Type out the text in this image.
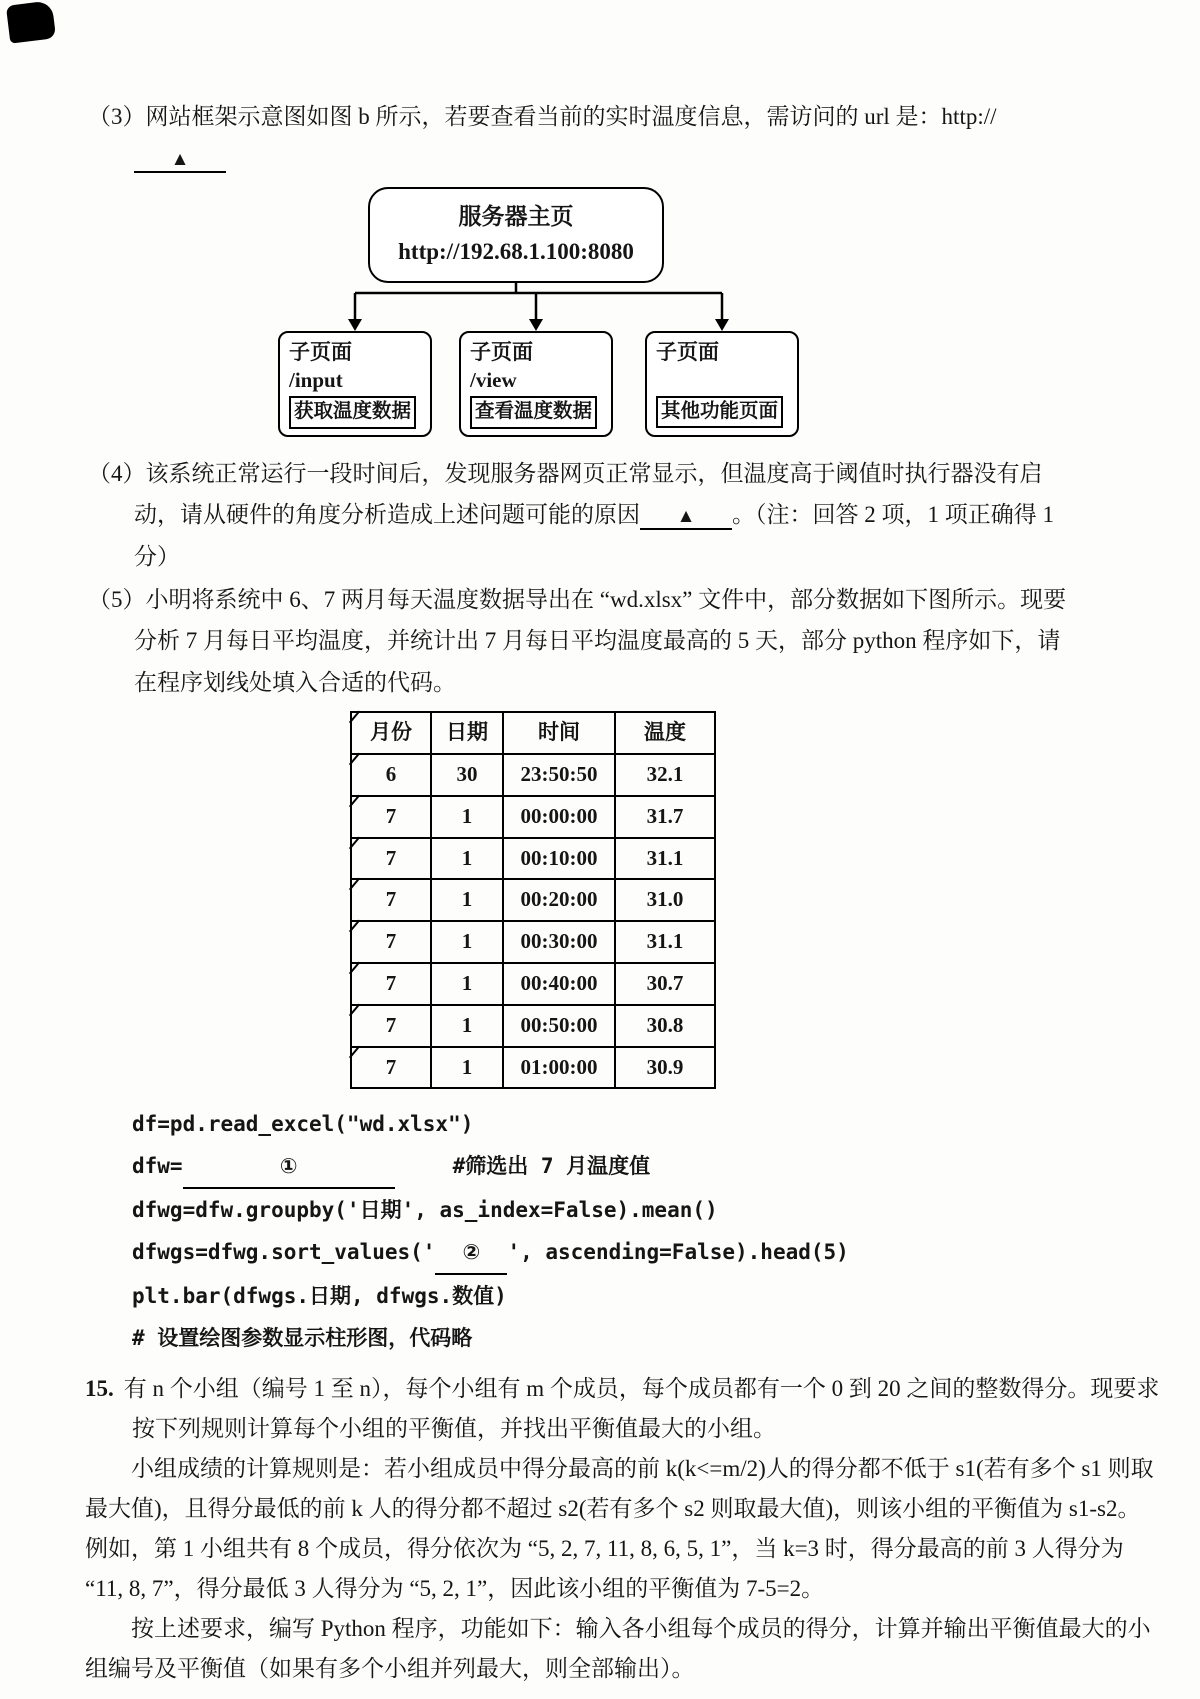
（3）网站框架示意图如图 b 所示，若要查看当前的实时温度信息，需访问的 url 是：http://
▲

服务器主页
http://192.68.1.100:8080
子页面
/input
获取温度数据
子页面
/view
查看温度数据
子页面
其他功能页面

（4）该系统正常运行一段时间后，发现服务器网页正常显示，但温度高于阈值时执行器没有启动，请从硬件的角度分析造成上述问题可能的原因 ▲ 。（注：回答 2 项，1 项正确得 1 分）

（5）小明将系统中 6、7 两月每天温度数据导出在 “wd.xlsx” 文件中，部分数据如下图所示。现要分析 7 月每日平均温度，并统计出 7 月每日平均温度最高的 5 天，部分 python 程序如下，请在程序划线处填入合适的代码。

月份	日期	时间	温度
6	30	23:50:50	32.1
7	1	00:00:00	31.7
7	1	00:10:00	31.1
7	1	00:20:00	31.0
7	1	00:30:00	31.1
7	1	00:40:00	30.7
7	1	00:50:00	30.8
7	1	01:00:00	30.9
df=pd.read_excel("wd.xlsx")
dfw=	①	#筛选出 7 月温度值
dfwg=dfw.groupby('日期', as_index=False).mean()
dfwgs=dfwg.sort_values(' ② ', ascending=False).head(5)
plt.bar(dfwgs.日期, dfwgs.数值)
# 设置绘图参数显示柱形图，代码略

15. 有 n 个小组（编号 1 至 n），每个小组有 m 个成员，每个成员都有一个 0 到 20 之间的整数得分。现要求按下列规则计算每个小组的平衡值，并找出平衡值最大的小组。

小组成绩的计算规则是：若小组成员中得分最高的前 k(k<=m/2)人的得分都不低于 s1(若有多个 s1 则取最大值)，且得分最低的前 k 人的得分都不超过 s2(若有多个 s2 则取最大值)，则该小组的平衡值为 s1-s2。例如，第 1 小组共有 8 个成员，得分依次为 “5, 2, 7, 11, 8, 6, 5, 1”，当 k=3 时，得分最高的前 3 人得分为 “11, 8, 7”，得分最低 3 人得分为 “5, 2, 1”，因此该小组的平衡值为 7-5=2。

按上述要求，编写 Python 程序，功能如下：输入各小组每个成员的得分，计算并输出平衡值最大的小组编号及平衡值（如果有多个小组并列最大，则全部输出）。
